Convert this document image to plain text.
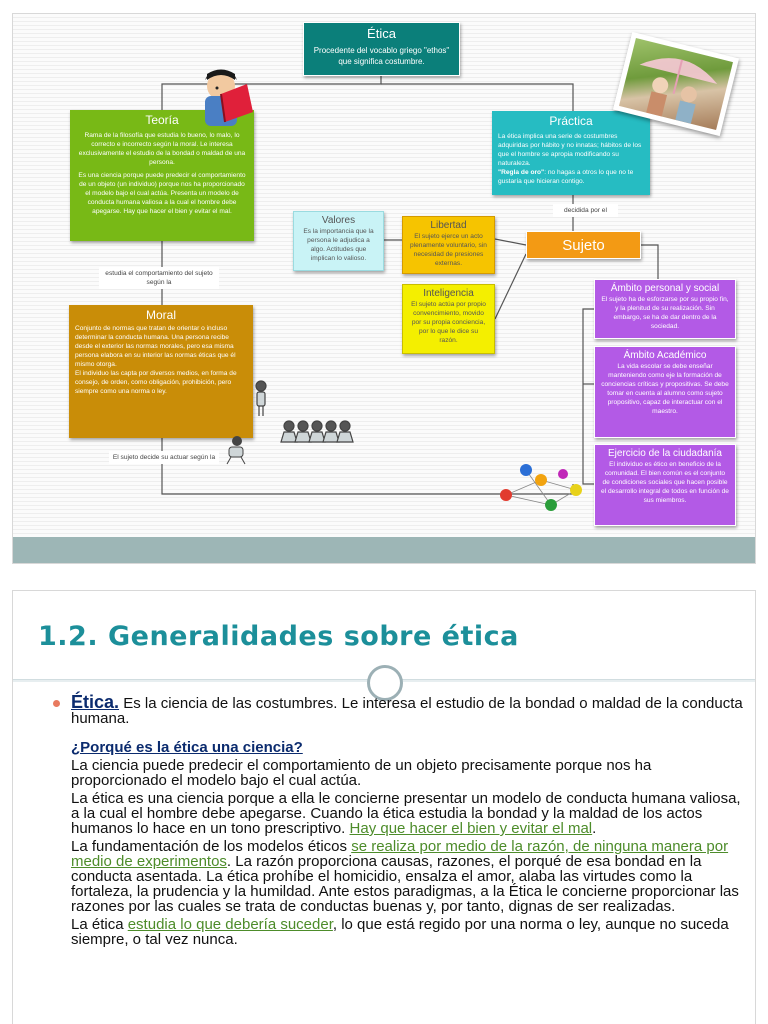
Ética
Procedente del vocablo griego "ethos" que significa costumbre.
Teoría
Rama de la filosofía que estudia lo bueno, lo malo, lo correcto e incorrecto según la moral. Le interesa exclusivamente el estudio de la bondad o maldad de una persona.
Es una ciencia porque puede predecir el comportamiento de un objeto (un individuo) porque nos ha proporcionado el modelo bajo el cual actúa. Presenta un modelo de conducta humana valiosa a la cual el hombre debe apegarse. Hay que hacer el bien y evitar el mal.
Práctica
La ética implica una serie de costumbres adquiridas por hábito y no innatas; hábitos de los que el hombre se apropia modificando su naturaleza.
"Regla de oro": no hagas a otros lo que no te gustaría que hicieran contigo.
decidida por el
Valores
Es la importancia que la persona le adjudica a algo. Actitudes que implican lo valioso.
Libertad
El sujeto ejerce un acto plenamente voluntario, sin necesidad de presiones externas.
Inteligencia
El sujeto actúa por propio convencimiento, movido por su propia conciencia, por lo que le dice su razón.
Sujeto
estudia el comportamiento del sujeto según la
Moral
Conjunto de normas que tratan de orientar o incluso determinar la conducta humana. Una persona recibe desde el exterior las normas morales, pero esa misma persona elabora en su interior las normas éticas que él mismo otorga.
El individuo las capta por diversos medios, en forma de consejo, de orden, como obligación, prohibición, pero siempre como una norma o ley.
El sujeto decide su actuar según la
Ámbito personal y social
El sujeto ha de esforzarse por su propio fin, y la plenitud de su realización. Sin embargo, se ha de dar dentro de la sociedad.
Ámbito Académico
La vida escolar se debe enseñar manteniendo como eje la formación de conciencias críticas y propositivas. Se debe tomar en cuenta al alumno como sujeto propositivo, capaz de interactuar con el maestro.
Ejercicio de la ciudadanía
El individuo es ético en beneficio de la comunidad. El bien común es el conjunto de condiciones sociales que hacen posible el desarrollo integral de todos en función de sus miembros.
1.2. Generalidades sobre ética

Ética. Es la ciencia de las costumbres. Le interesa el estudio de la bondad o maldad de la conducta humana.

¿Porqué es la ética una ciencia?

La ciencia puede predecir el comportamiento de un objeto precisamente porque nos ha proporcionado el modelo bajo el cual actúa.

La ética es una ciencia porque a ella le concierne presentar un modelo de conducta humana valiosa, a la cual el hombre debe apegarse. Cuando la ética estudia la bondad y la maldad de los actos humanos lo hace en un tono prescriptivo. Hay que hacer el bien y evitar el mal.

La fundamentación de los modelos éticos se realiza por medio de la razón, de ninguna manera por medio de experimentos. La razón proporciona causas, razones, el porqué de esa bondad en la conducta asentada. La ética prohíbe el homicidio, ensalza el amor, alaba las virtudes como la fortaleza, la prudencia y la humildad. Ante estos paradigmas, a la Ética le concierne proporcionar las razones por las cuales se trata de conductas buenas y, por tanto, dignas de ser realizadas.

La ética estudia lo que debería suceder, lo que está regido por una norma o ley, aunque no suceda siempre, o tal vez nunca.
